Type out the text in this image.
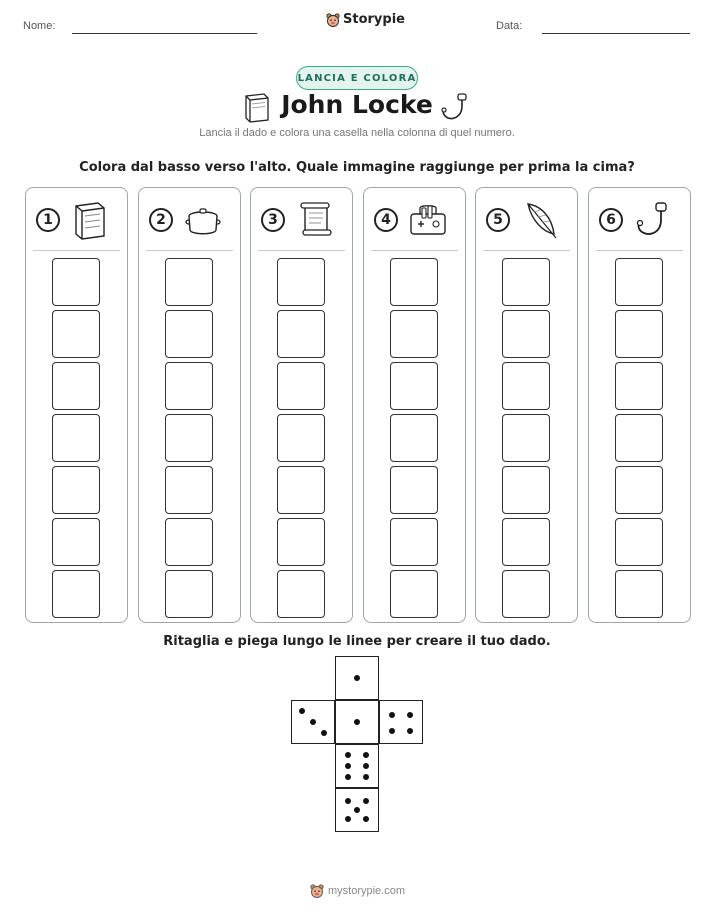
Nome:	Storypie	Data:
LANCIA E COLORA
John Locke
Lancia il dado e colora una casella nella colonna di quel numero.
Colora dal basso verso l'alto. Quale immagine raggiunge per prima la cima?
1	2	3	4	5	6
Ritaglia e piega lungo le linee per creare il tuo dado.
mystorypie.com
